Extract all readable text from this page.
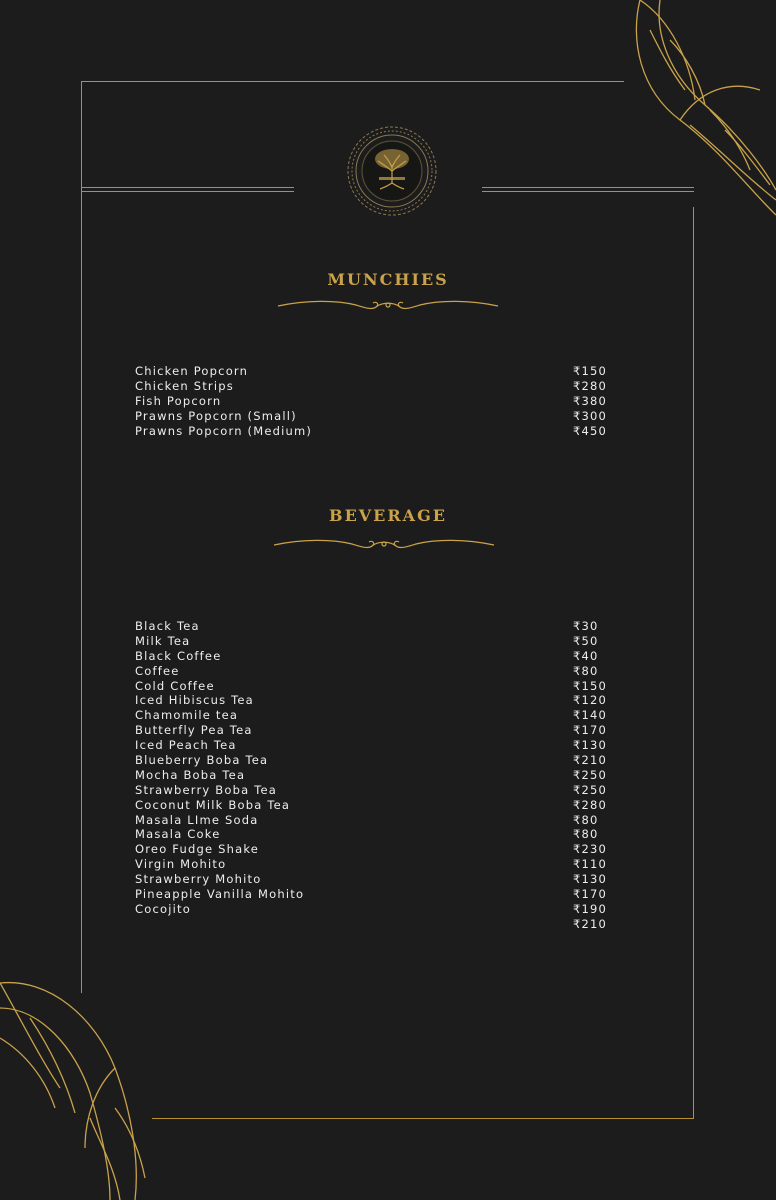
MUNCHIES
Chicken Popcorn
Chicken Strips
Fish Popcorn
Prawns Popcorn (Small)
Prawns Popcorn (Medium)
₹150
₹280
₹380
₹300
₹450
BEVERAGE
Black Tea
Milk Tea
Black Coffee
Coffee
Cold Coffee
Iced Hibiscus Tea
Chamomile tea
Butterfly Pea Tea
Iced Peach Tea
Blueberry Boba Tea
Mocha Boba Tea
Strawberry Boba Tea
Coconut Milk Boba Tea
Masala LIme Soda
Masala Coke
Oreo Fudge Shake
Virgin Mohito
Strawberry Mohito
Pineapple Vanilla Mohito
Cocojito
₹30
₹50
₹40
₹80
₹150
₹120
₹140
₹170
₹130
₹210
₹250
₹250
₹280
₹80
₹80
₹230
₹110
₹130
₹170
₹190
₹210
